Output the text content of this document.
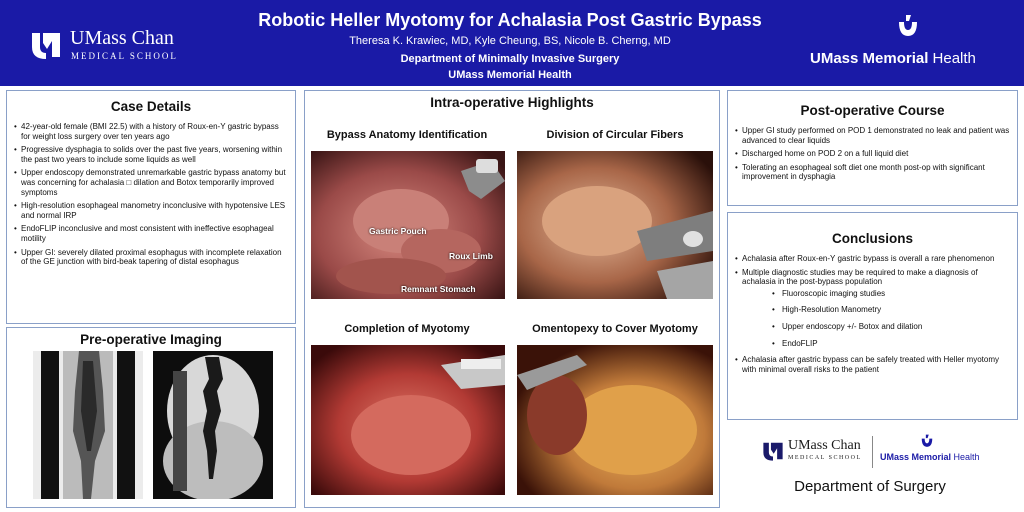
UMass Chan
MEDICAL SCHOOL
Robotic Heller Myotomy for Achalasia Post Gastric Bypass
Theresa K. Krawiec, MD, Kyle Cheung, BS, Nicole B. Cherng, MD
Department of Minimally Invasive Surgery
UMass Memorial Health
UMass Memorial Health
Case Details
• 42-year-old female (BMI 22.5) with a history of Roux-en-Y gastric bypass for weight loss surgery over ten years ago
• Progressive dysphagia to solids over the past five years, worsening within the past two years to include some liquids as well
• Upper endoscopy demonstrated unremarkable gastric bypass anatomy but was concerning for achalasia □ dilation and Botox temporarily improved symptoms
• High-resolution esophageal manometry inconclusive with hypotensive LES and normal IRP
• EndoFLIP inconclusive and most consistent with ineffective esophageal motility
• Upper GI: severely dilated proximal esophagus with incomplete relaxation of the GE junction with bird-beak tapering of distal esophagus
Pre-operative Imaging
Intra-operative Highlights
Bypass Anatomy Identification
Gastric Pouch
Roux Limb
Remnant Stomach
Division of Circular Fibers
Completion of Myotomy	Omentopexy to Cover Myotomy
Post-operative Course
• Upper GI study performed on POD 1 demonstrated no leak and patient was advanced to clear liquids
• Discharged home on POD 2 on a full liquid diet
• Tolerating an esophageal soft diet one month post-op with significant improvement in dysphagia
Conclusions
• Achalasia after Roux-en-Y gastric bypass is overall a rare phenomenon
• Multiple diagnostic studies may be required to make a diagnosis of achalasia in the post-bypass population
• Fluoroscopic imaging studies
• High-Resolution Manometry
• Upper endoscopy +/- Botox and dilation
• EndoFLIP
• Achalasia after gastric bypass can be safely treated with Heller myotomy with minimal overall risks to the patient
UMass Chan
MEDICAL SCHOOL UMass Memorial Health
Department of Surgery
